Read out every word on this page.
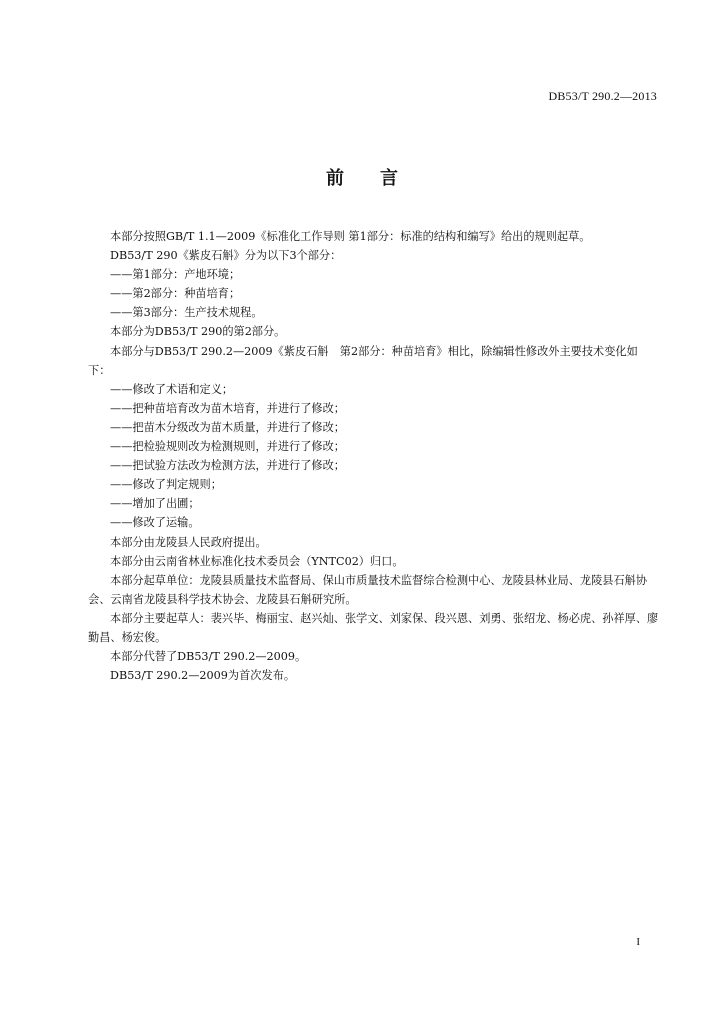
DB53/T 290.2—2013
前 言

本部分按照GB/T 1.1—2009《标准化工作导则 第1部分：标准的结构和编写》给出的规则起草。

DB53/T 290《紫皮石斛》分为以下3个部分：

——第1部分：产地环境；

——第2部分：种苗培育；

——第3部分：生产技术规程。

本部分为DB53/T 290的第2部分。

本部分与DB53/T 290.2—2009《紫皮石斛　第2部分：种苗培育》相比，除编辑性修改外主要技术变化如下：

——修改了术语和定义；

——把种苗培育改为苗木培育，并进行了修改；

——把苗木分级改为苗木质量，并进行了修改；

——把检验规则改为检测规则，并进行了修改；

——把试验方法改为检测方法，并进行了修改；

——修改了判定规则；

——增加了出圃；

——修改了运输。

本部分由龙陵县人民政府提出。

本部分由云南省林业标准化技术委员会（YNTC02）归口。

本部分起草单位：龙陵县质量技术监督局、保山市质量技术监督综合检测中心、龙陵县林业局、龙陵县石斛协会、云南省龙陵县科学技术协会、龙陵县石斛研究所。

本部分主要起草人：裴兴毕、梅丽宝、赵兴灿、张学文、刘家保、段兴恩、刘勇、张绍龙、杨必虎、孙祥厚、廖勤昌、杨宏俊。

本部分代替了DB53/T 290.2—2009。

DB53/T 290.2—2009为首次发布。

I
